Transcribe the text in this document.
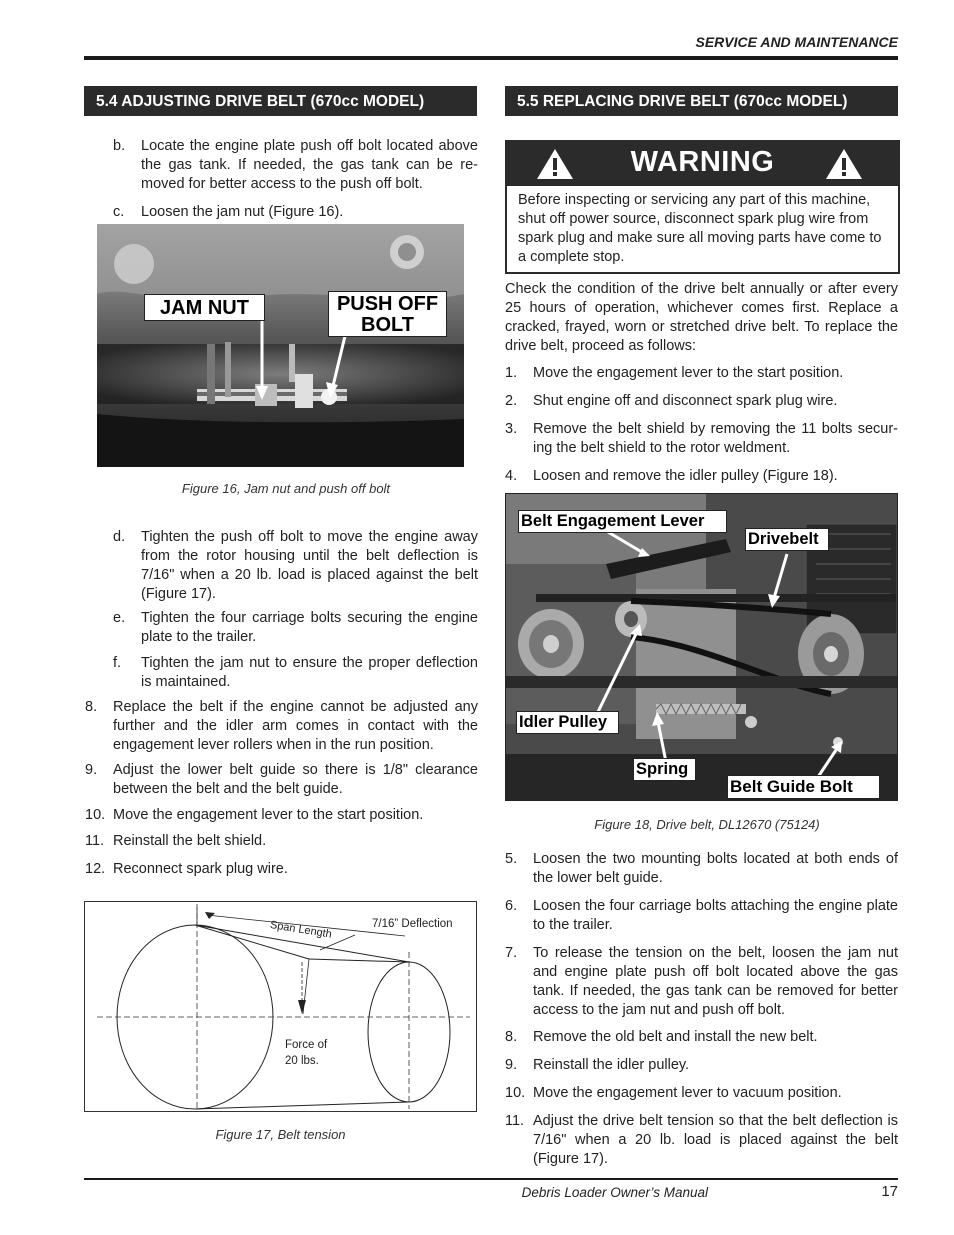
SERVICE AND MAINTENANCE
5.4 ADJUSTING DRIVE BELT (670cc MODEL)
b.	Locate the engine plate push off bolt located above the gas tank. If needed, the gas tank can be re-moved for better access to the push off bolt.
c.	Loosen the jam nut (Figure 16).
JAM NUT	PUSH OFF BOLT
Figure 16, Jam nut and push off bolt
d.	Tighten the push off bolt to move the engine away from the rotor housing until the belt deflection is 7/16" when a 20 lb. load is placed against the belt (Figure 17).
e.	Tighten the four carriage bolts securing the engine plate to the trailer.
f.	Tighten the jam nut to ensure the proper deflection is maintained.
8.	Replace the belt if the engine cannot be adjusted any further and the idler arm comes in contact with the engagement lever rollers when in the run position.
9.	Adjust the lower belt guide so there is 1/8" clearance between the belt and the belt guide.
10. Move the engagement lever to the start position.
11. Reinstall the belt shield.
12. Reconnect spark plug wire.
Span Length	7/16” Deflection
Force of
20 lbs.
Figure 17, Belt tension
5.5 REPLACING DRIVE BELT (670cc MODEL)
WARNING
Before inspecting or servicing any part of this machine, shut off power source, disconnect spark plug wire from spark plug and make sure all moving parts have come to a complete stop.
Check the condition of the drive belt annually or after every 25 hours of operation, whichever comes first. Replace a cracked, frayed, worn or stretched drive belt. To replace the drive belt, proceed as follows:
1.	Move the engagement lever to the start position.
2.	Shut engine off and disconnect spark plug wire.
3.	Remove the belt shield by removing the 11 bolts secur-ing the belt shield to the rotor weldment.
4.	Loosen and remove the idler pulley (Figure 18).
Belt Engagement Lever
Drivebelt
Idler Pulley
Spring
Belt Guide Bolt
Figure 18, Drive belt, DL12670 (75124)
5.	Loosen the two mounting bolts located at both ends of the lower belt guide.
6.	Loosen the four carriage bolts attaching the engine plate to the trailer.
7.	To release the tension on the belt, loosen the jam nut and engine plate push off bolt located above the gas tank. If needed, the gas tank can be removed for better access to the jam nut and push off bolt.
8.	Remove the old belt and install the new belt.
9.	Reinstall the idler pulley.
10. Move the engagement lever to vacuum position.
11. Adjust the drive belt tension so that the belt deflection is 7/16" when a 20 lb. load is placed against the belt (Figure 17).
Debris Loader Owner’s Manual	17
